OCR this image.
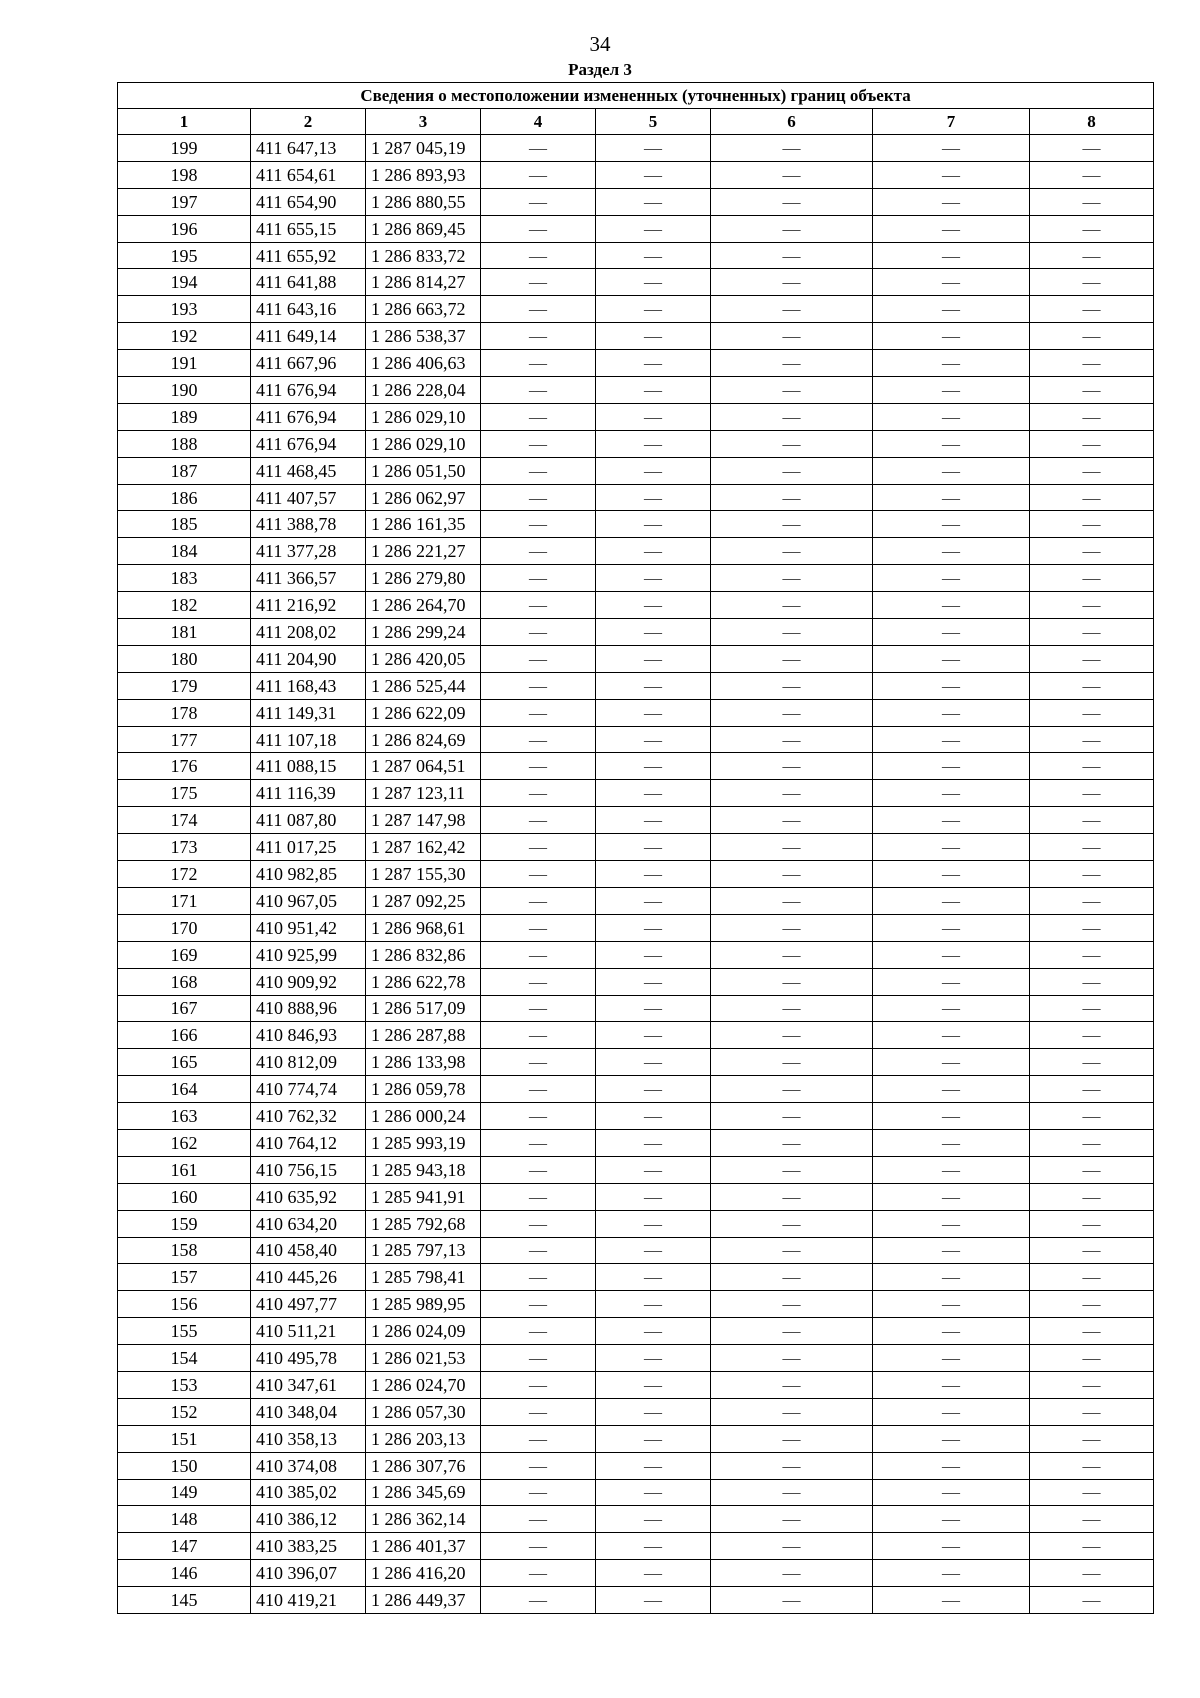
34
Раздел 3
Сведения о местоположении измененных (уточненных) границ объекта							
1	2	3	4	5	6	7	8
199	411 647,13	1 287 045,19	—	—	—	—	—
198	411 654,61	1 286 893,93	—	—	—	—	—
197	411 654,90	1 286 880,55	—	—	—	—	—
196	411 655,15	1 286 869,45	—	—	—	—	—
195	411 655,92	1 286 833,72	—	—	—	—	—
194	411 641,88	1 286 814,27	—	—	—	—	—
193	411 643,16	1 286 663,72	—	—	—	—	—
192	411 649,14	1 286 538,37	—	—	—	—	—
191	411 667,96	1 286 406,63	—	—	—	—	—
190	411 676,94	1 286 228,04	—	—	—	—	—
189	411 676,94	1 286 029,10	—	—	—	—	—
188	411 676,94	1 286 029,10	—	—	—	—	—
187	411 468,45	1 286 051,50	—	—	—	—	—
186	411 407,57	1 286 062,97	—	—	—	—	—
185	411 388,78	1 286 161,35	—	—	—	—	—
184	411 377,28	1 286 221,27	—	—	—	—	—
183	411 366,57	1 286 279,80	—	—	—	—	—
182	411 216,92	1 286 264,70	—	—	—	—	—
181	411 208,02	1 286 299,24	—	—	—	—	—
180	411 204,90	1 286 420,05	—	—	—	—	—
179	411 168,43	1 286 525,44	—	—	—	—	—
178	411 149,31	1 286 622,09	—	—	—	—	—
177	411 107,18	1 286 824,69	—	—	—	—	—
176	411 088,15	1 287 064,51	—	—	—	—	—
175	411 116,39	1 287 123,11	—	—	—	—	—
174	411 087,80	1 287 147,98	—	—	—	—	—
173	411 017,25	1 287 162,42	—	—	—	—	—
172	410 982,85	1 287 155,30	—	—	—	—	—
171	410 967,05	1 287 092,25	—	—	—	—	—
170	410 951,42	1 286 968,61	—	—	—	—	—
169	410 925,99	1 286 832,86	—	—	—	—	—
168	410 909,92	1 286 622,78	—	—	—	—	—
167	410 888,96	1 286 517,09	—	—	—	—	—
166	410 846,93	1 286 287,88	—	—	—	—	—
165	410 812,09	1 286 133,98	—	—	—	—	—
164	410 774,74	1 286 059,78	—	—	—	—	—
163	410 762,32	1 286 000,24	—	—	—	—	—
162	410 764,12	1 285 993,19	—	—	—	—	—
161	410 756,15	1 285 943,18	—	—	—	—	—
160	410 635,92	1 285 941,91	—	—	—	—	—
159	410 634,20	1 285 792,68	—	—	—	—	—
158	410 458,40	1 285 797,13	—	—	—	—	—
157	410 445,26	1 285 798,41	—	—	—	—	—
156	410 497,77	1 285 989,95	—	—	—	—	—
155	410 511,21	1 286 024,09	—	—	—	—	—
154	410 495,78	1 286 021,53	—	—	—	—	—
153	410 347,61	1 286 024,70	—	—	—	—	—
152	410 348,04	1 286 057,30	—	—	—	—	—
151	410 358,13	1 286 203,13	—	—	—	—	—
150	410 374,08	1 286 307,76	—	—	—	—	—
149	410 385,02	1 286 345,69	—	—	—	—	—
148	410 386,12	1 286 362,14	—	—	—	—	—
147	410 383,25	1 286 401,37	—	—	—	—	—
146	410 396,07	1 286 416,20	—	—	—	—	—
145	410 419,21	1 286 449,37	—	—	—	—	—
